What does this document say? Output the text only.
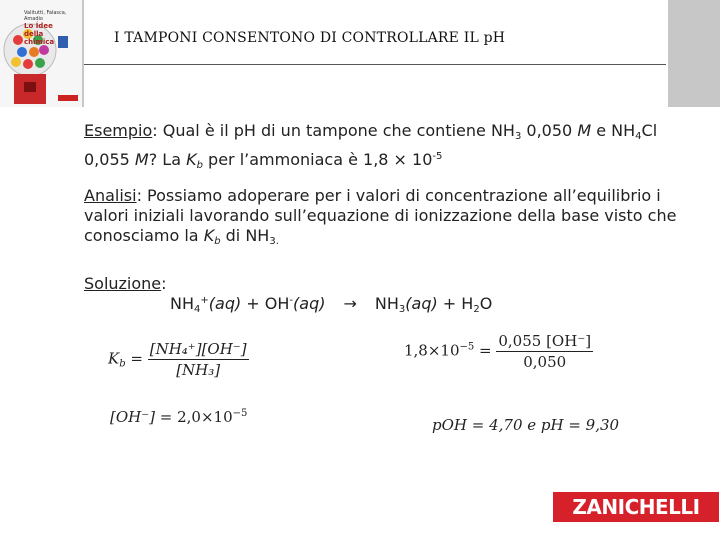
Valitutti, Falasca, Amadio
Lo Ídee della chimica	I TAMPONI CONSENTONO DI CONTROLLARE IL pH
Esempio: Qual è il pH di un tampone che contiene $NH_3$ 0,050 M e $NH_4Cl$ 0,055 M? La $K_b$ per l’ammoniaca è $1,8 \times 10^{-5}$
Analisi: Possiamo adoperare per i valori di concentrazione all’equilibrio i valori iniziali lavorando sull’equazione di ionizzazione della base visto che conosciamo la $K_b$ di $NH_{3.}$
Soluzione:
$NH_4^+(aq) + OH^-(aq) \to NH_3(aq) + H_2O$
$K_b = \frac{\text{[NH₄⁺][OH⁻]}}{\text{[NH₃]}}$	$1,8\times 10^{-5} = \frac{0,055 [OH^-]}{0,050}$
$[OH^-] = 2,0\times 10^{-5}$
pOH = 4,70 e pH = 9,30
ZANICHELLI
